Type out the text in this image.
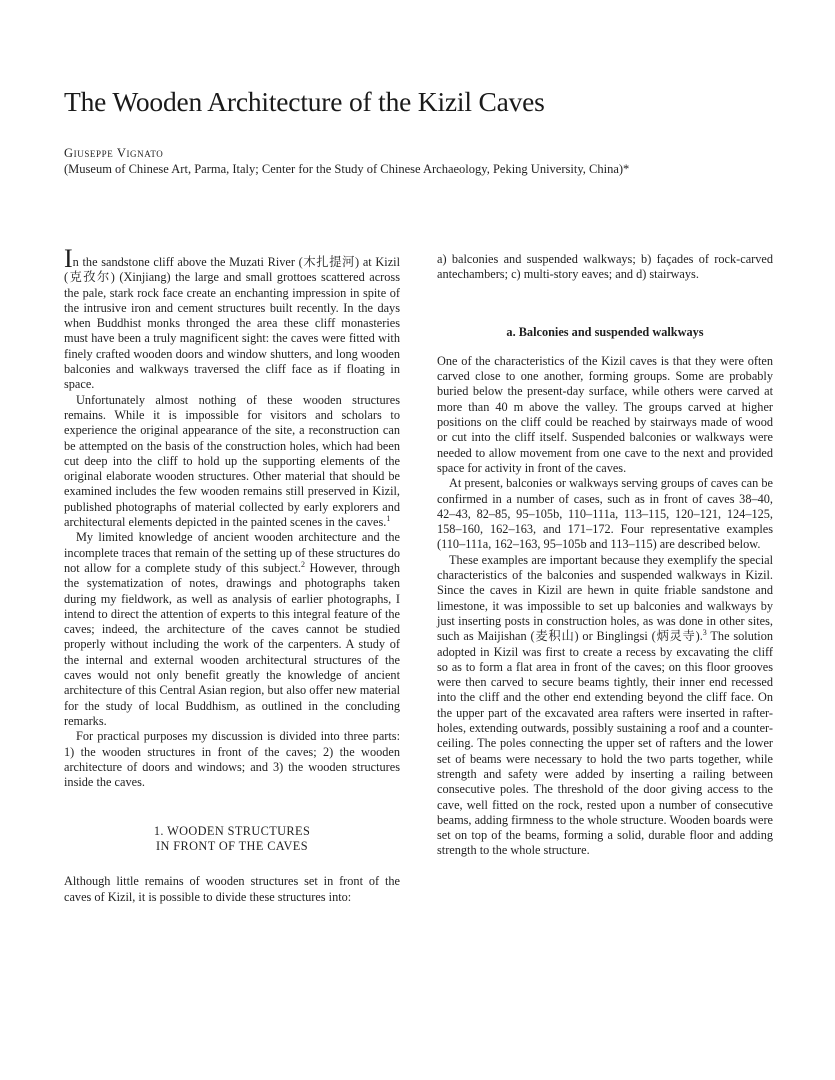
The Wooden Architecture of the Kizil Caves

Giuseppe Vignato

(Museum of Chinese Art, Parma, Italy; Center for the Study of Chinese Archaeology, Peking University, China)*

In the sandstone cliff above the Muzati River (木扎提河) at Kizil (克孜尔) (Xinjiang) the large and small grottoes scattered across the pale, stark rock face create an enchanting impression in spite of the intrusive iron and cement structures built recently. In the days when Buddhist monks thronged the area these cliff monasteries must have been a truly magnificent sight: the caves were fitted with finely crafted wooden doors and window shutters, and long wooden balconies and walkways traversed the cliff face as if floating in space.

Unfortunately almost nothing of these wooden structures remains. While it is impossible for visitors and scholars to experience the original appearance of the site, a reconstruction can be attempted on the basis of the construction holes, which had been cut deep into the cliff to hold up the supporting elements of the original elaborate wooden structures. Other material that should be examined includes the few wooden remains still preserved in Kizil, published photographs of material collected by early explorers and architectural elements depicted in the painted scenes in the caves.$^1$

My limited knowledge of ancient wooden architecture and the incomplete traces that remain of the setting up of these structures do not allow for a complete study of this subject.$^2$ However, through the systematization of notes, drawings and photographs taken during my fieldwork, as well as analysis of earlier photographs, I intend to direct the attention of experts to this integral feature of the caves; indeed, the architecture of the caves cannot be studied properly without including the work of the carpenters. A study of the internal and external wooden architectural structures of the caves would not only benefit greatly the knowledge of ancient architecture of this Central Asian region, but also offer new material for the study of local Buddhism, as outlined in the concluding remarks.

For practical purposes my discussion is divided into three parts: 1) the wooden structures in front of the caves; 2) the wooden architecture of doors and windows; and 3) the wooden structures inside the caves.

1. WOODEN STRUCTURES
IN FRONT OF THE CAVES

Although little remains of wooden structures set in front of the caves of Kizil, it is possible to divide these structures into:

a) balconies and suspended walkways; b) façades of rock-carved antechambers; c) multi-story eaves; and d) stairways.

a. Balconies and suspended walkways

One of the characteristics of the Kizil caves is that they were often carved close to one another, forming groups. Some are probably buried below the present-day surface, while others were carved at more than 40 m above the valley. The groups carved at higher positions on the cliff could be reached by stairways made of wood or cut into the cliff itself. Suspended balconies or walkways were needed to allow movement from one cave to the next and provided space for activity in front of the caves.

At present, balconies or walkways serving groups of caves can be confirmed in a number of cases, such as in front of caves 38–40, 42–43, 82–85, 95–105b, 110–111a, 113–115, 120–121, 124–125, 158–160, 162–163, and 171–172. Four representative examples (110–111a, 162–163, 95–105b and 113–115) are described below.

These examples are important because they exemplify the special characteristics of the balconies and suspended walkways in Kizil. Since the caves in Kizil are hewn in quite friable sandstone and limestone, it was impossible to set up balconies and walkways by just inserting posts in construction holes, as was done in other sites, such as Maijishan (麦积山) or Binglingsi (炳灵寺).$^3$ The solution adopted in Kizil was first to create a recess by excavating the cliff so as to form a flat area in front of the caves; on this floor grooves were then carved to secure beams tightly, their inner end recessed into the cliff and the other end extending beyond the cliff face. On the upper part of the excavated area rafters were inserted in rafter-holes, extending outwards, possibly sustaining a roof and a counter-ceiling. The poles connecting the upper set of rafters and the lower set of beams were necessary to hold the two parts together, while strength and safety were added by inserting a railing between consecutive poles. The threshold of the door giving access to the cave, well fitted on the rock, rested upon a number of consecutive beams, adding firmness to the whole structure. Wooden boards were set on top of the beams, forming a solid, durable floor and adding strength to the whole structure.
